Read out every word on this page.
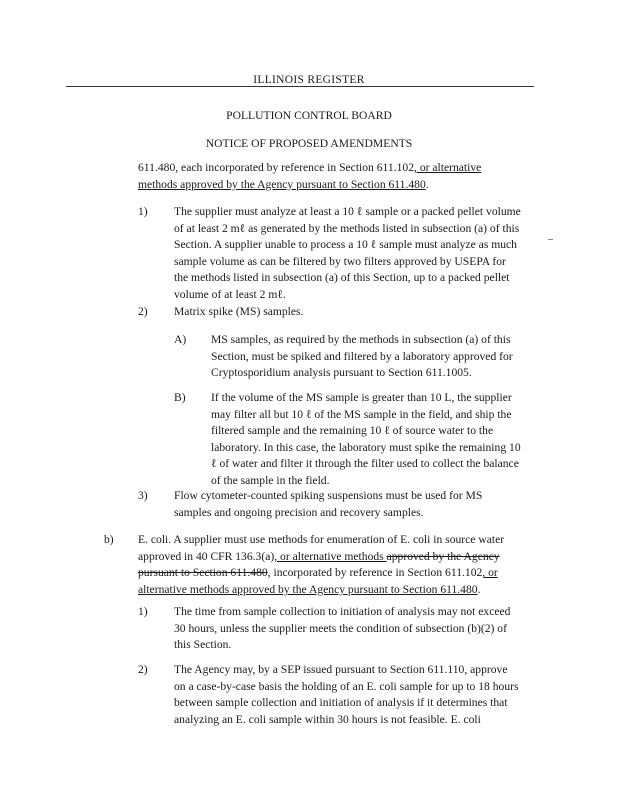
ILLINOIS REGISTER
POLLUTION CONTROL BOARD
NOTICE OF PROPOSED AMENDMENTS
611.480, each incorporated by reference in Section 611.102, or alternative
methods approved by the Agency pursuant to Section 611.480.
1) The supplier must analyze at least a 10 ℓ sample or a packed pellet volume
of at least 2 mℓ as generated by the methods listed in subsection (a) of this
Section. A supplier unable to process a 10 ℓ sample must analyze as much
sample volume as can be filtered by two filters approved by USEPA for
the methods listed in subsection (a) of this Section, up to a packed pellet
volume of at least 2 mℓ.
–
2) Matrix spike (MS) samples.
A) MS samples, as required by the methods in subsection (a) of this
Section, must be spiked and filtered by a laboratory approved for
Cryptosporidium analysis pursuant to Section 611.1005.
B) If the volume of the MS sample is greater than 10 L, the supplier
may filter all but 10 ℓ of the MS sample in the field, and ship the
filtered sample and the remaining 10 ℓ of source water to the
laboratory. In this case, the laboratory must spike the remaining 10
ℓ of water and filter it through the filter used to collect the balance
of the sample in the field.
3) Flow cytometer-counted spiking suspensions must be used for MS
samples and ongoing precision and recovery samples.
b) E. coli. A supplier must use methods for enumeration of E. coli in source water
approved in 40 CFR 136.3(a), or alternative methods approved by the Agency
pursuant to Section 611.480, incorporated by reference in Section 611.102, or
alternative methods approved by the Agency pursuant to Section 611.480.
1) The time from sample collection to initiation of analysis may not exceed
30 hours, unless the supplier meets the condition of subsection (b)(2) of
this Section.
2) The Agency may, by a SEP issued pursuant to Section 611.110, approve
on a case-by-case basis the holding of an E. coli sample for up to 18 hours
between sample collection and initiation of analysis if it determines that
analyzing an E. coli sample within 30 hours is not feasible. E. coli
